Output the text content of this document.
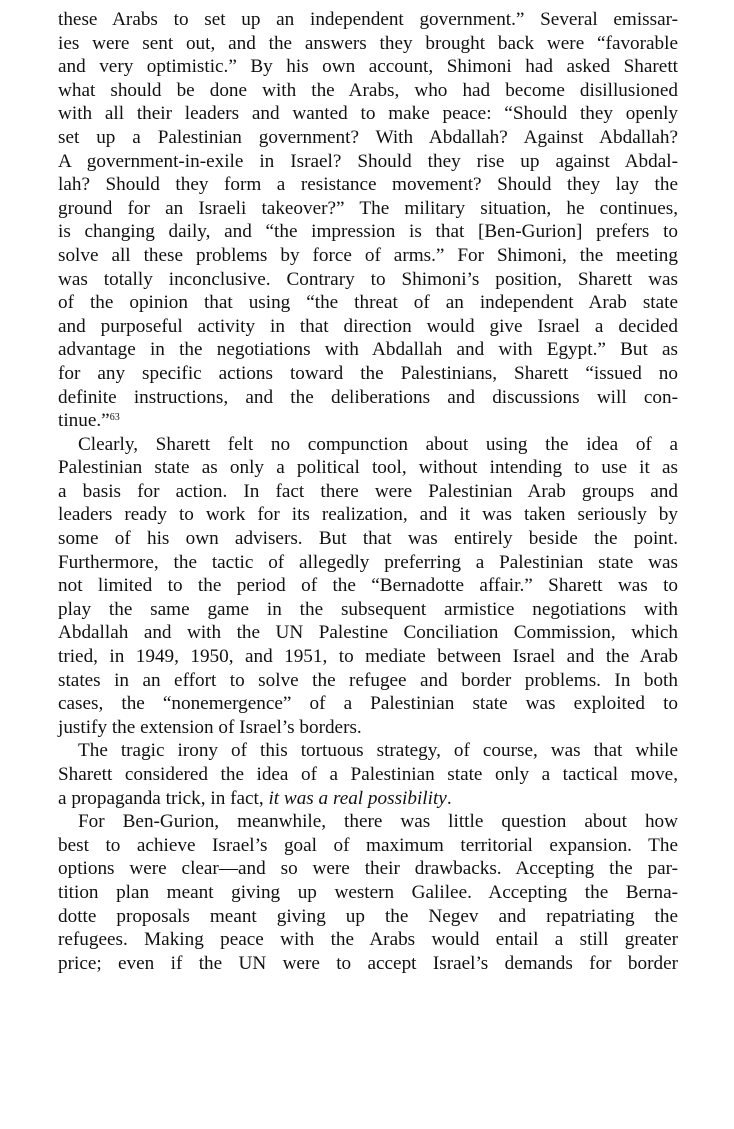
these Arabs to set up an independent government.” Several emissar-
ies were sent out, and the answers they brought back were “favorable
and very optimistic.” By his own account, Shimoni had asked Sharett
what should be done with the Arabs, who had become disillusioned
with all their leaders and wanted to make peace: “Should they openly
set up a Palestinian government? With Abdallah? Against Abdallah?
A government-in-exile in Israel? Should they rise up against Abdal-
lah? Should they form a resistance movement? Should they lay the
ground for an Israeli takeover?” The military situation, he continues,
is changing daily, and “the impression is that [Ben-Gurion] prefers to
solve all these problems by force of arms.” For Shimoni, the meeting
was totally inconclusive. Contrary to Shimoni’s position, Sharett was
of the opinion that using “the threat of an independent Arab state
and purposeful activity in that direction would give Israel a decided
advantage in the negotiations with Abdallah and with Egypt.” But as
for any specific actions toward the Palestinians, Sharett “issued no
definite instructions, and the deliberations and discussions will con-
tinue.”$^{63}$

Clearly, Sharett felt no compunction about using the idea of a
Palestinian state as only a political tool, without intending to use it as
a basis for action. In fact there were Palestinian Arab groups and
leaders ready to work for its realization, and it was taken seriously by
some of his own advisers. But that was entirely beside the point.
Furthermore, the tactic of allegedly preferring a Palestinian state was
not limited to the period of the “Bernadotte affair.” Sharett was to
play the same game in the subsequent armistice negotiations with
Abdallah and with the UN Palestine Conciliation Commission, which
tried, in 1949, 1950, and 1951, to mediate between Israel and the Arab
states in an effort to solve the refugee and border problems. In both
cases, the “nonemergence” of a Palestinian state was exploited to
justify the extension of Israel’s borders.

The tragic irony of this tortuous strategy, of course, was that while
Sharett considered the idea of a Palestinian state only a tactical move,
a propaganda trick, in fact, it was a real possibility.

For Ben-Gurion, meanwhile, there was little question about how
best to achieve Israel’s goal of maximum territorial expansion. The
options were clear—and so were their drawbacks. Accepting the par-
tition plan meant giving up western Galilee. Accepting the Berna-
dotte proposals meant giving up the Negev and repatriating the
refugees. Making peace with the Arabs would entail a still greater
price; even if the UN were to accept Israel’s demands for border
